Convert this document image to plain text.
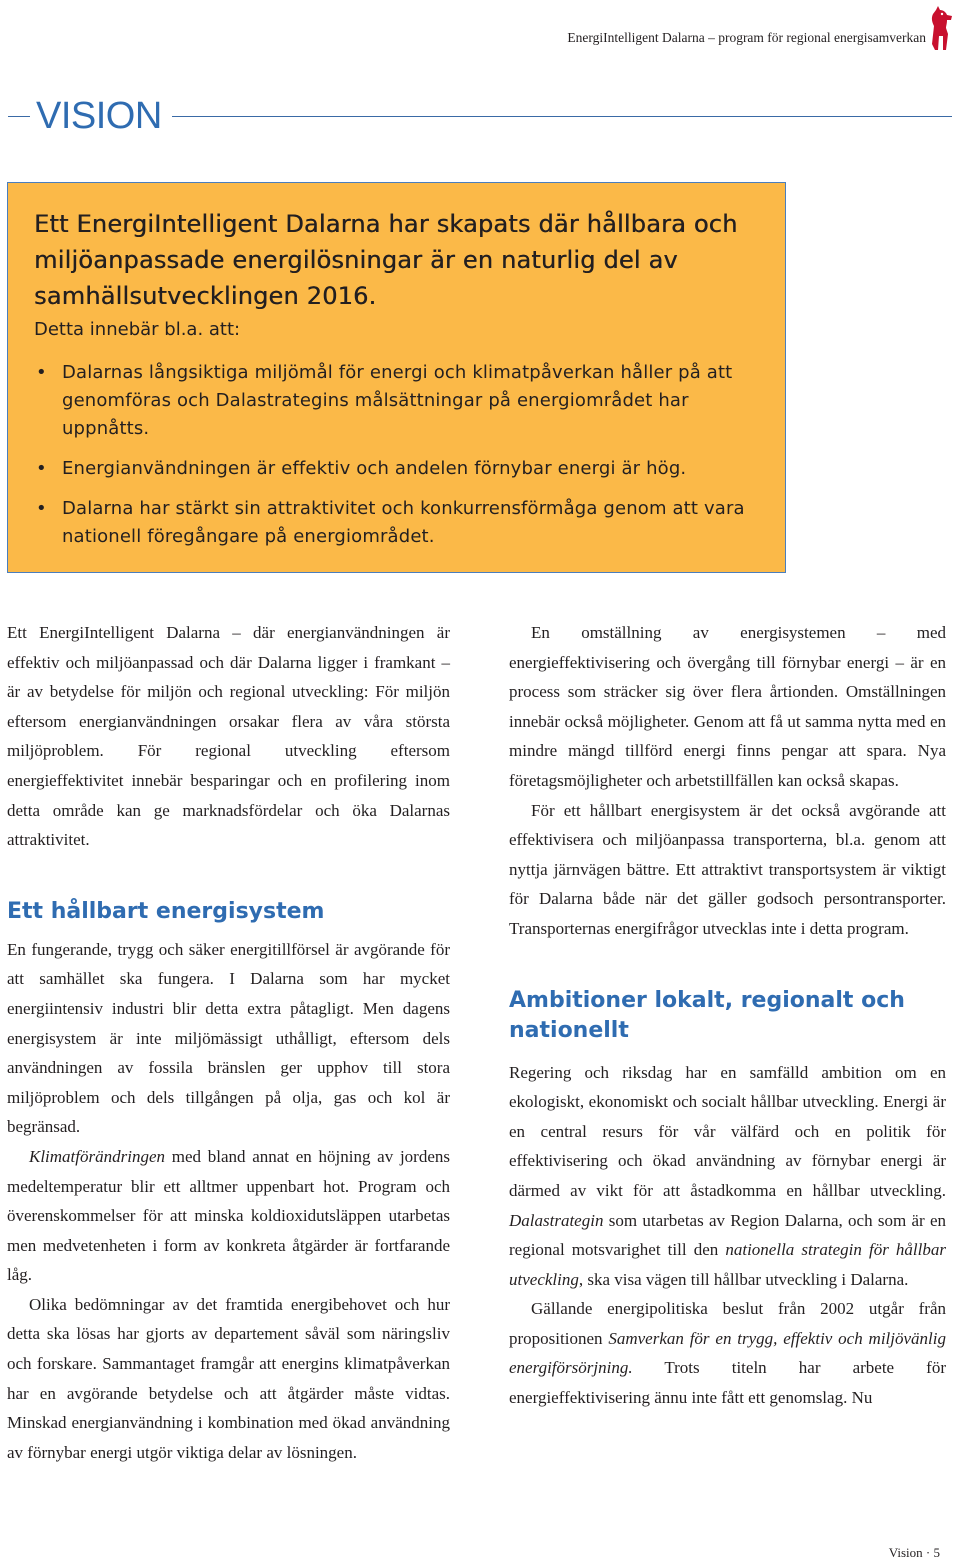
EnergiIntelligent Dalarna – program för regional energisamverkan
VISION

Ett EnergiIntelligent Dalarna har skapats där hållbara och miljöanpassade energilösningar är en naturlig del av samhällsutvecklingen 2016.

Detta innebär bl.a. att:

• Dalarnas långsiktiga miljömål för energi och klimatpåverkan håller på att genomföras och Dalastrategins målsättningar på energiområdet har uppnåtts.
• Energianvändningen är effektiv och andelen förnybar energi är hög.
• Dalarna har stärkt sin attraktivitet och konkurrensförmåga genom att vara nationell föregångare på energiområdet.

Ett EnergiIntelligent Dalarna – där energianvändningen är effektiv och miljöanpassad och där Dalarna ligger i framkant – är av betydelse för miljön och regional utveckling: För miljön eftersom energianvändningen orsakar flera av våra största miljöproblem. För regional utveckling eftersom energieffektivitet innebär besparingar och en profilering inom detta område kan ge marknadsfördelar och öka Dalarnas attraktivitet.

Ett hållbart energisystem

En fungerande, trygg och säker energitillförsel är avgörande för att samhället ska fungera. I Dalarna som har mycket energiintensiv industri blir detta extra påtagligt. Men dagens energisystem är inte miljömässigt uthålligt, eftersom dels användningen av fossila bränslen ger upphov till stora miljöproblem och dels tillgången på olja, gas och kol är begränsad.

Klimatförändringen med bland annat en höjning av jordens medeltemperatur blir ett alltmer uppenbart hot. Program och överenskommelser för att minska koldioxidutsläppen utarbetas men medvetenheten i form av konkreta åtgärder är fortfarande låg.

Olika bedömningar av det framtida energibehovet och hur detta ska lösas har gjorts av departement såväl som näringsliv och forskare. Sammantaget framgår att energins klimatpåverkan har en avgörande betydelse och att åtgärder måste vidtas. Minskad energianvändning i kombination med ökad användning av förnybar energi utgör viktiga delar av lösningen.

En omställning av energisystemen – med energieffektivisering och övergång till förnybar energi – är en process som sträcker sig över flera årtionden. Omställningen innebär också möjligheter. Genom att få ut samma nytta med en mindre mängd tillförd energi finns pengar att spara. Nya företagsmöjligheter och arbetstillfällen kan också skapas.

För ett hållbart energisystem är det också avgörande att effektivisera och miljöanpassa transporterna, bl.a. genom att nyttja järnvägen bättre. Ett attraktivt transportsystem är viktigt för Dalarna både när det gäller godsoch persontransporter. Transporternas energifrågor utvecklas inte i detta program.

Ambitioner lokalt, regionalt och nationellt

Regering och riksdag har en samfälld ambition om en ekologiskt, ekonomiskt och socialt hållbar utveckling. Energi är en central resurs för vår välfärd och en politik för effektivisering och ökad användning av förnybar energi är därmed av vikt för att åstadkomma en hållbar utveckling. Dalastrategin som utarbetas av Region Dalarna, och som är en regional motsvarighet till den nationella strategin för hållbar utveckling, ska visa vägen till hållbar utveckling i Dalarna.

Gällande energipolitiska beslut från 2002 utgår från propositionen Samverkan för en trygg, effektiv och miljövänlig energiförsörjning. Trots titeln har arbete för energieffektivisering ännu inte fått ett genomslag. Nu

Vision · 5
